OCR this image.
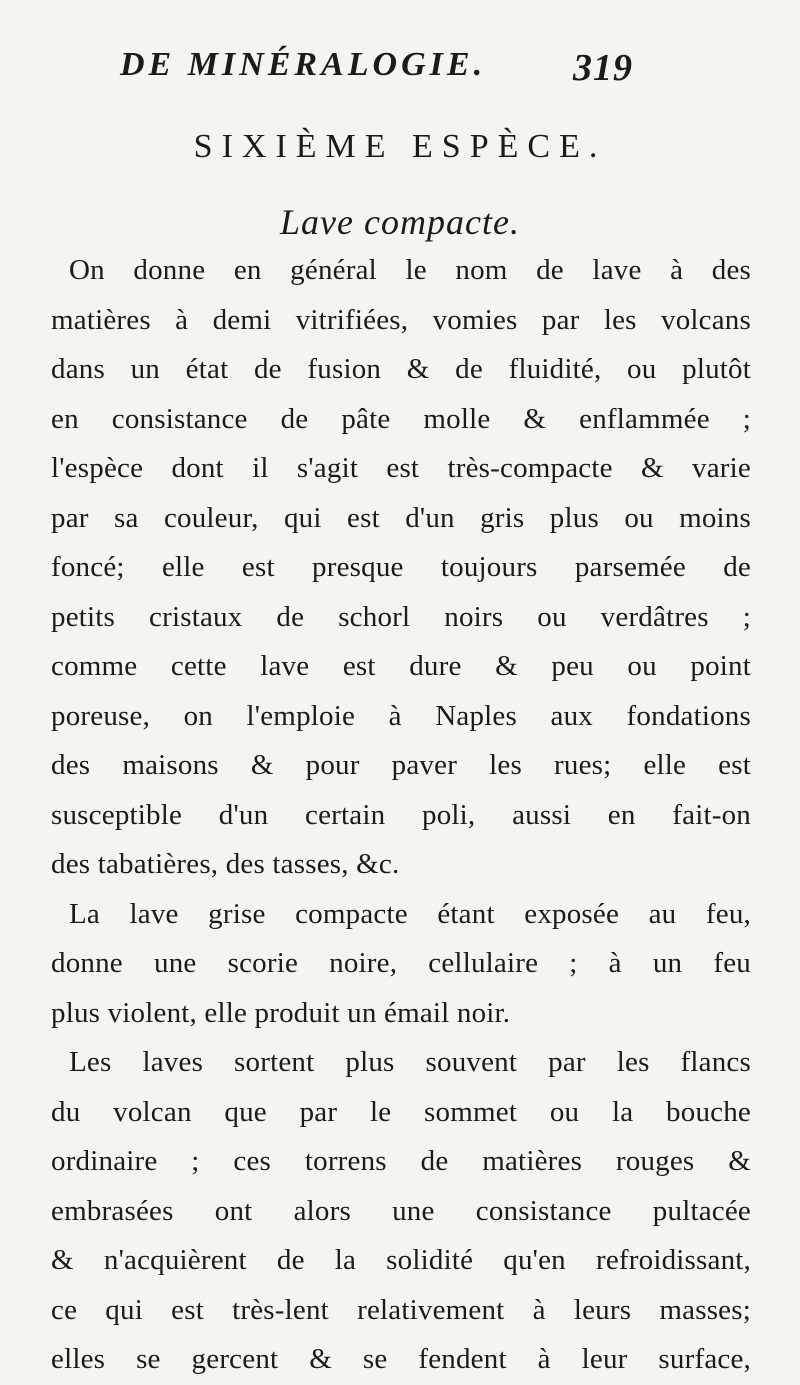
DE MINÉRALOGIE. 319
SIXIÈME ESPÈCE.
Lave compacte.
On donne en général le nom de lave à des
matières à demi vitrifiées, vomies par les volcans
dans un état de fusion & de fluidité, ou plutôt
en consistance de pâte molle & enflammée ;
l'espèce dont il s'agit est très-compacte & varie
par sa couleur, qui est d'un gris plus ou moins
foncé; elle est presque toujours parsemée de
petits cristaux de schorl noirs ou verdâtres ;
comme cette lave est dure & peu ou point
poreuse, on l'emploie à Naples aux fondations
des maisons & pour paver les rues; elle est
susceptible d'un certain poli, aussi en fait-on
des tabatières, des tasses, &c.
La lave grise compacte étant exposée au feu,
donne une scorie noire, cellulaire ; à un feu
plus violent, elle produit un émail noir.
Les laves sortent plus souvent par les flancs
du volcan que par le sommet ou la bouche
ordinaire ; ces torrens de matières rouges &
embrasées ont alors une consistance pultacée
& n'acquièrent de la solidité qu'en refroidissant,
ce qui est très-lent relativement à leurs masses;
elles se gercent & se fendent à leur surface,
